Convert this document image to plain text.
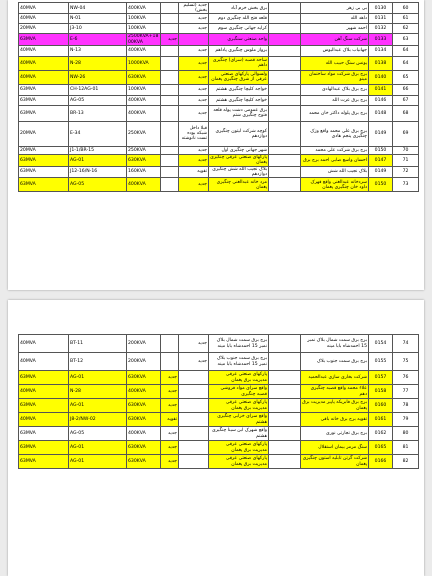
40MVA	NW-04	400KVA		جدید (تسلیم بخش)	برق بخش خرم آباد		بی بی زهر	0130	60
40MVA	N-01	100KVA		جدید	قلعه فتح الله چنگیزی دوم		داهد الله	0131	61
20MVA	J3-10	100KVA		جدید	کرایه جهانی چنگیزی سوم		احمد شهپر	0132	62
63MVA	E-6	2500KVA+1800KVA	جدید		واحد صنعتی سنگبری		شرکت سنگ آهن	0133	63
40MVA	N-13	400KVA		جدید	برواز ملوس چنگیزی پاداهم		جهانیاب بلاک عبدالیوس	0134	64
40MVA	N-28	1000KVA		جدید	ساحه قصبه (سرای) چنگیزی داهم		یونس سنگ حبیب الله	0138	64
40MVA	NW-26	630KVA		جدید	ولسوالی پارکهای صنعتی عرقی از شرق چنگیزی پغمان		برج برق شرکت مواد ساختمان مینو	0140	65
63MVA	CH-12AG-01	100KVA		جدید	خواجه کلیچا چنگیزی هشتم		برج برق بلاک عبدالهادی	0141	66
63MVA	AG-05	400KVA		جدید	خواجه کلیچا چنگیزی هشتم		برج برق عزت الله	0146	67
63MVA	BR-13	400KVA		جدید	برق عمومی دشت پوله قلعه فتوح چنگیزی شتم		برج برق پلوله داکتر خان محمد	0148	68
20MVA	E-34	250KVA		قبلا داخل شبکه بوده تست نانوشته	کوچه شرکت لیتون چنگیزی دوازدهم		برج برق علی محمد واقع وزک چنگیزی پنجم هادی	0149	69
20MVA	J1-1/BR-15	250KVA		جدید	شهر جهانی چنگیزی اول		برج برق شرکت علی محمد	0150	70
63MVA	AG-01	630KVA		جدید	پارکهای صنعتی عرقی چنگیزی پغمان		احسان واسع صابی احمد برج برق	0147	71
63MVA	J12-16/N-16	160KVA		تقویه	بلاک نجیب الله شش چنگیزی دوازدهم		بلاک نجیب الله شش	0149	72
63MVA	AG-05	400KVA		جدید	مرد خانه عبدالغنی چنگیزی پغمان		سردخانه عبدالغنی واقع قهرک داود خان چنگیزی پغمان	0150	73
40MVA	BT-11	200KVA		جدید	برج برق سمت شمال بلاک نمبر 15 احمدشاه بابا مینه		برج برق سمت شمال بلاک نمبر 15 احمدشاه بابا مینه	0154	74
40MVA	BT-12	200KVA		جدید	برج برق سمت جنوب بلاک نمبر 15 احمدشاه بابا مینه		برج برق سمت جنوب بلاک	0155	75
63MVA	AG-01	630KVA	جدید		پارکهای صنعتی عرقی مدیریت برق پغمان		شرکت بخاری سازی عبدالحمید	0157	76
40MVA	N-28	400KVA	جدید		واقع سرای مواد فروشی قصبه چنگیزی		علاء محمد واقع قصبه چنگیزی دهم	0158	77
63MVA	AG-01	630KVA	جدید		پارکهای صنعتی عرقی مدیریت برق پغمان		برج برق فابریکه پاپیر مدیریت برق پغمان	0160	78
40MVA	J8-2/NW-02	630KVA	تقویه		واقع سرای خرابی چنگیزی هشتم		تقویه برج برق خانه باقی	0161	79
63MVA	AG-05	400KVA	جدید		واقع شهرک ابن سینا چنگیزی هشتم		برج برق تجارتی نوری	0162	80
63MVA	AG-01	630KVA	جدید		پارکهای صنعتی عرقی مدیریت برق پغمان		سنگ مرمر بیمان استقلال	0165	81
63MVA	AG-01	630KVA	جدید		پارکهای صنعتی عرقی مدیریت برق پغمان		شرکت گرتن تابلیه استون چنگیزی پغمان	0166	82
